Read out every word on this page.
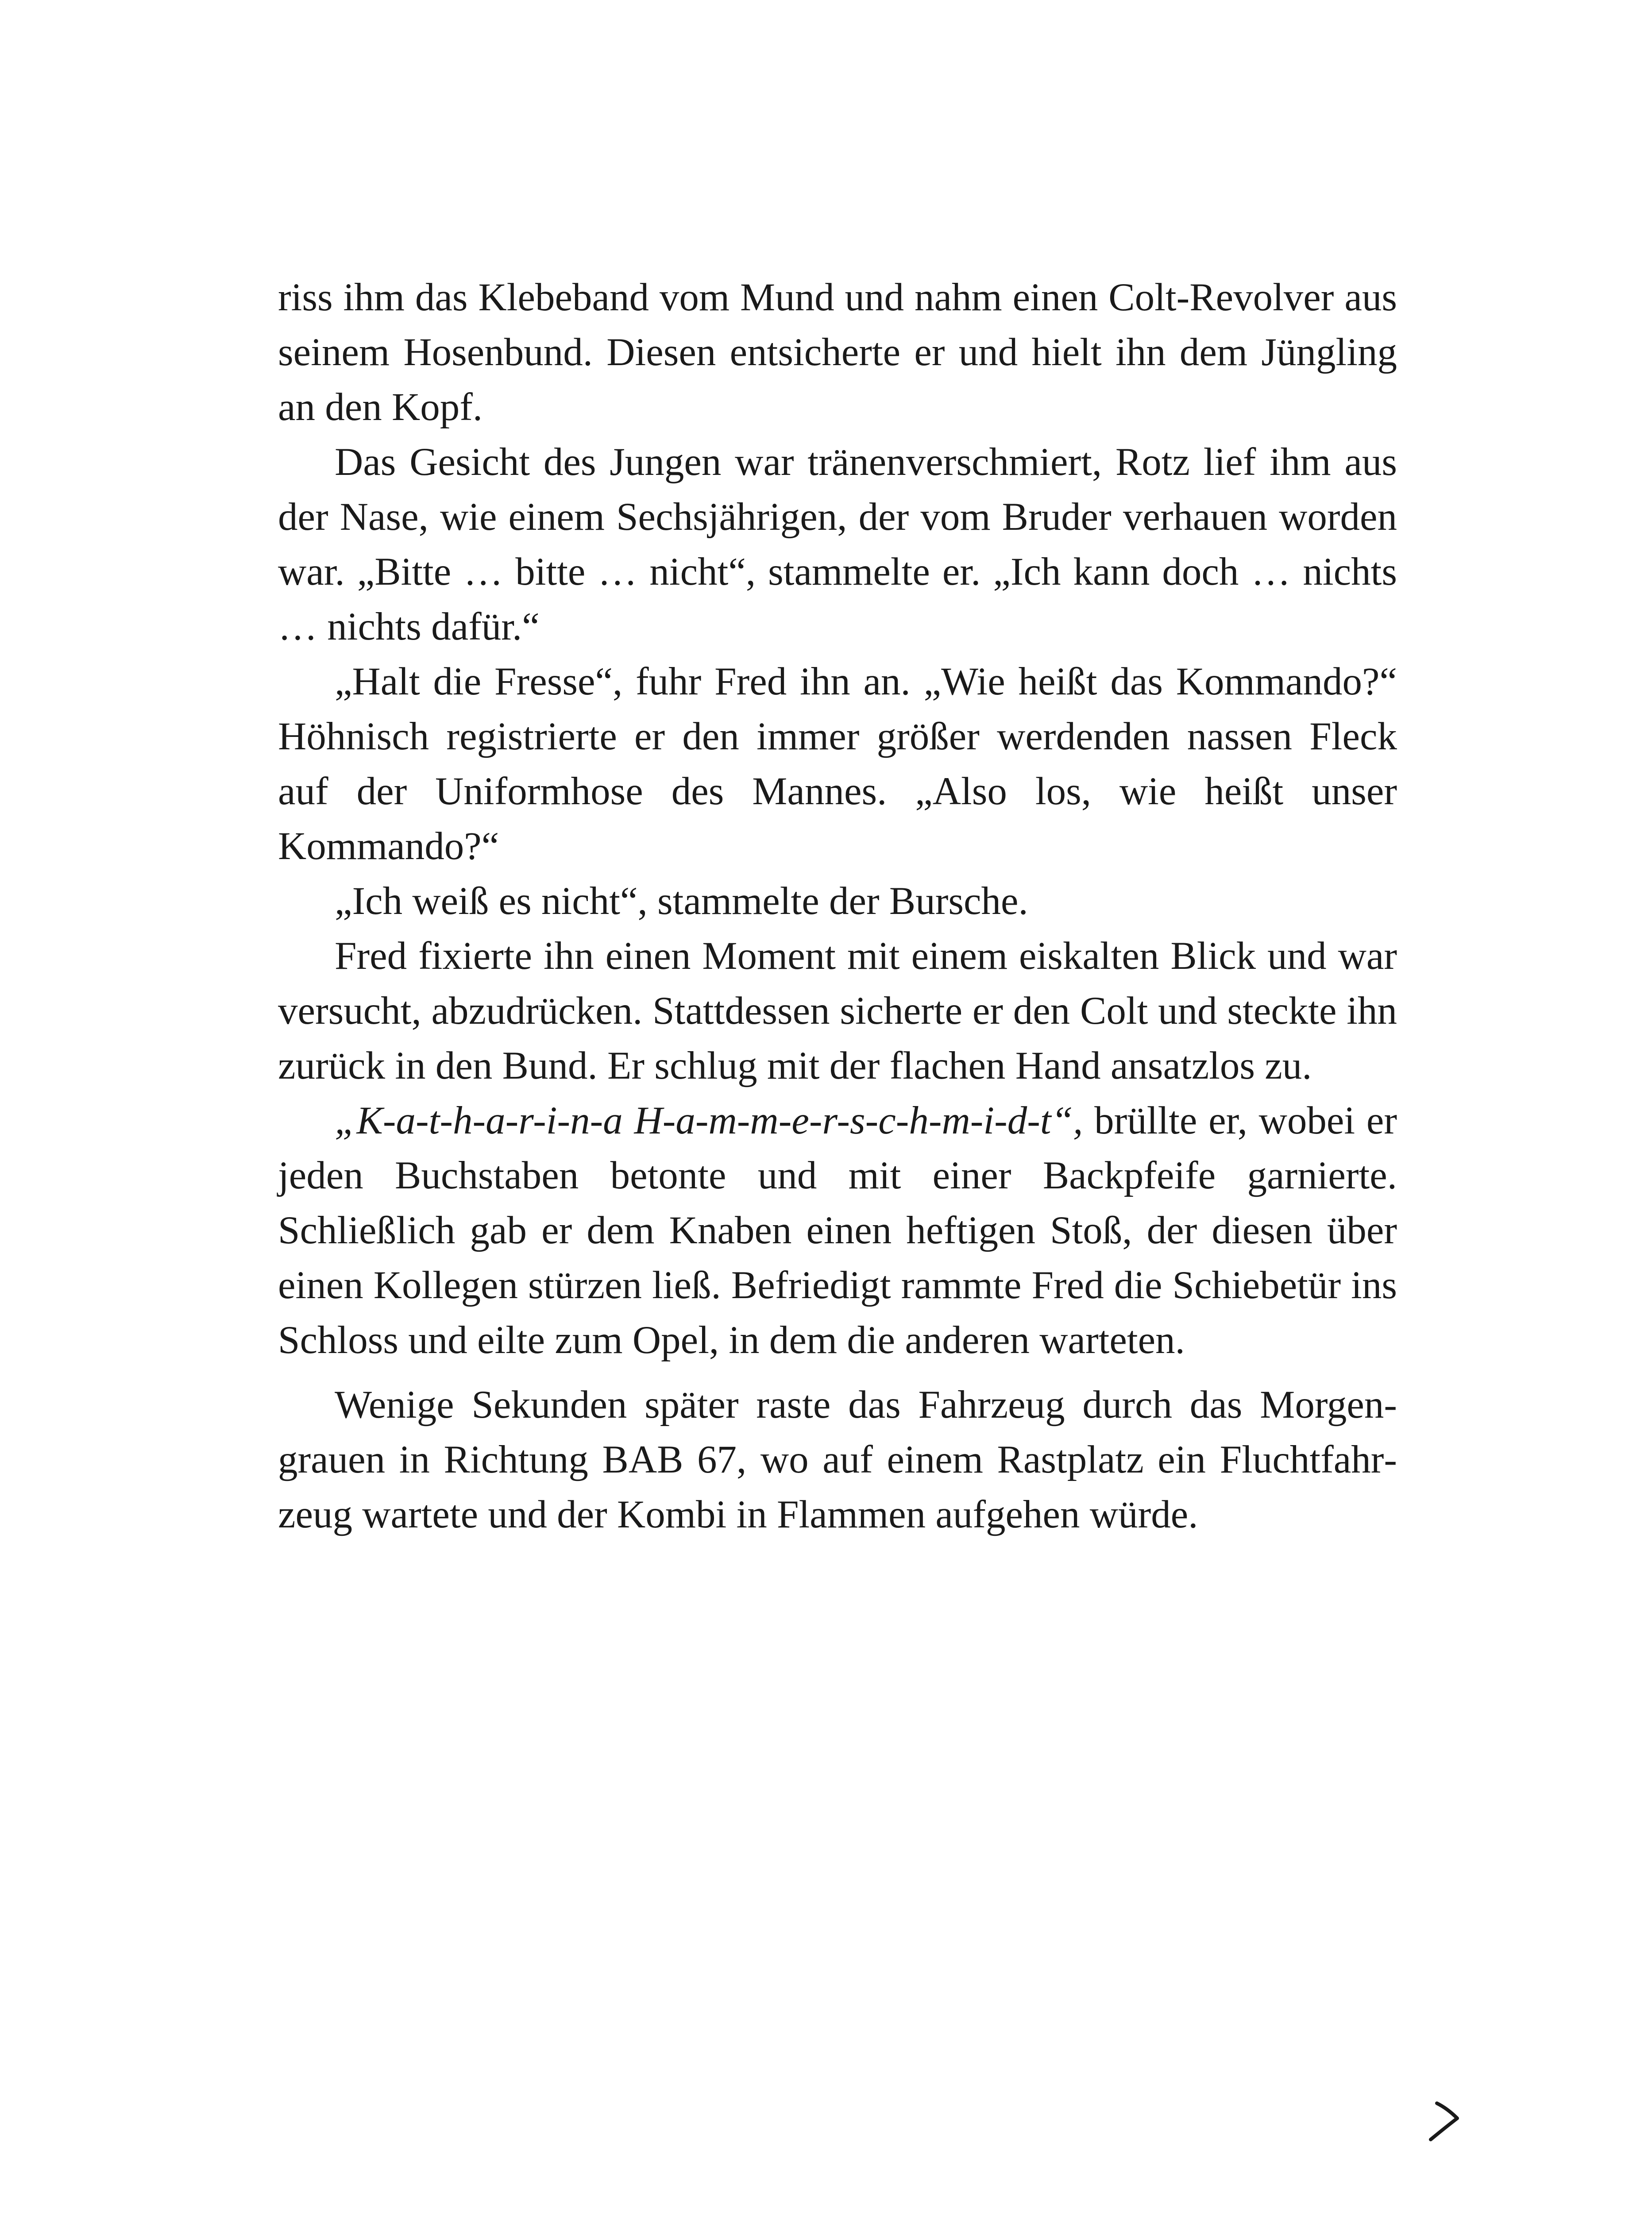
riss ihm das Klebeband vom Mund und nahm einen Colt-Revolver aus seinem Hosenbund. Diesen entsicherte er und hielt ihn dem Jüngling an den Kopf.

Das Gesicht des Jungen war tränenverschmiert, Rotz lief ihm aus der Nase, wie einem Sechsjährigen, der vom Bruder verhauen worden war. „Bitte … bitte … nicht“, stammelte er. „Ich kann doch … nichts … nichts dafür.“

„Halt die Fresse“, fuhr Fred ihn an. „Wie heißt das Kommando?“ Höhnisch registrierte er den immer größer werdenden nassen Fleck auf der Uniformhose des Mannes. „Also los, wie heißt unser Kommando?“

„Ich weiß es nicht“, stammelte der Bursche.

Fred fixierte ihn einen Moment mit einem eiskalten Blick und war versucht, abzudrücken. Stattdessen sicherte er den Colt und steckte ihn zurück in den Bund. Er schlug mit der flachen Hand ansatzlos zu.

„K-a-t-h-a-r-i-n-a H-a-m-m-e-r-s-c-h-m-i-d-t“, brüllte er, wobei er jeden Buchstaben betonte und mit einer Backpfeife garnierte. Schließlich gab er dem Knaben einen heftigen Stoß, der diesen über einen Kollegen stürzen ließ. Befriedigt rammte Fred die Schiebetür ins Schloss und eilte zum Opel, in dem die anderen warteten.

Wenige Sekunden später raste das Fahrzeug durch das Morgengrauen in Richtung BAB 67, wo auf einem Rastplatz ein Fluchtfahrzeug wartete und der Kombi in Flammen aufgehen würde.
